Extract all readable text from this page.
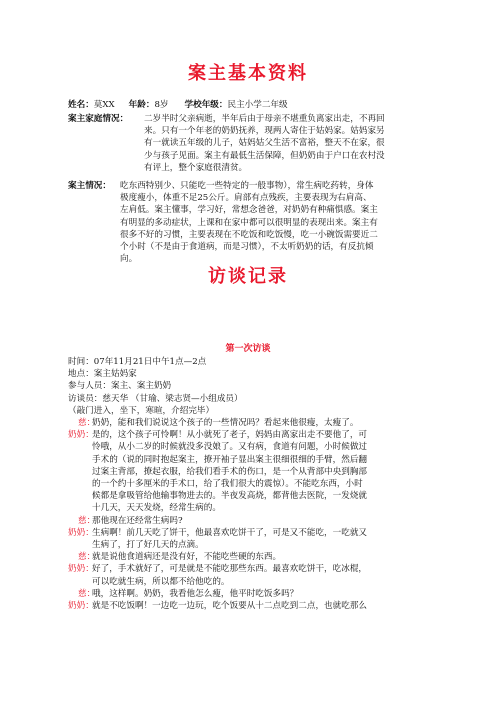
案主基本资料
姓名：莫XX 年龄：8岁 学校年级：民主小学二年级
案主家庭情况： 二岁半时父亲病逝，半年后由于母亲不堪重负离家出走，不再回
来。只有一个年老的奶奶抚养，现两人寄住于姑妈家。姑妈家另
有一就读五年级的儿子，姑妈姑父生活不富裕，整天不在家，很
少与孩子见面。案主有最低生活保障，但奶奶由于户口在农村没
有评上，整个家庭很清贫。
案主情况： 吃东西特别少、只能吃一些特定的一般事物），常生病吃药转，身体
极度瘦小，体重不足25公斤。肩部有点残疾，主要表现为右肩高、
左肩低。案主懂事，学习好，常想念爸爸，对奶奶有种痛惧感。案主
有明显的多动症状，上课和在家中都可以很明显的表现出来。案主有
很多不好的习惯，主要表现在不吃饭和吃饭慢，吃一小碗饭需要近二
个小时（不是由于食道病，而是习惯），不太听奶奶的话，有反抗倾
向。
访谈记录
第一次访谈
时间：07年11月21日中午1点—2点
地点：案主姑妈家
参与人员：案主、案主奶奶
访谈员：慈天华 （甘瑜、梁志贤—小组成员）
（敲门进入，坐下，寒暄，介绍完毕）
慈：
奶奶，能和我们说说这个孩子的一些情况吗？看起来他很瘦，太瘦了。
奶奶：
是的，这个孩子可怜啊！从小就死了老子，妈妈由离家出走不要他了，可
怜哦，从小二岁的时候就没多没娘了。又有病，食道有问题，小时候做过
手术的（说的同时抱起案主，撩开袖子显出案主很细很细的手臂，然后翻
过案主背部，撩起衣服，给我们看手术的伤口，是一个从背部中央到胸部
的一个约十多厘米的手术口，给了我们很大的震惊）。不能吃东西，小时
候都是拿吸管给他输事物进去的。半夜发高烧，都背他去医院，一发烧就
十几天，天天发烧，经常生病的。
慈：
那他现在还经常生病吗?
奶奶：
生病啊！前几天吃了饼干，他最喜欢吃饼干了，可是又不能吃，一吃就又
生病了，打了好几天的点滴。
慈：
就是说他食道病还是没有好，不能吃些硬的东西。
奶奶：
好了，手术就好了，可是就是不能吃那些东西。最喜欢吃饼干，吃冰棍，
可以吃就生病，所以都不给他吃的。
慈：
哦，这样啊。奶奶，我看他怎么瘦，他平时吃饭多吗？
奶奶：
就是不吃饭啊！一边吃一边玩，吃个饭要从十二点吃到二点，也就吃那么
